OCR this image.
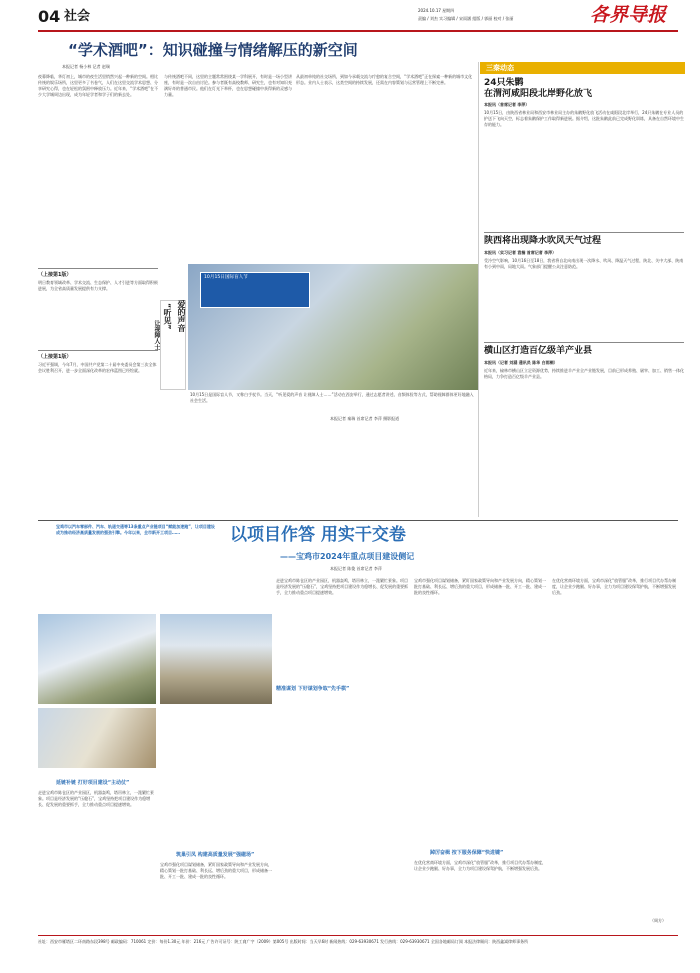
04 社会	2024.10.17 星期四
责编 / 刘杰 实习编辑 / 宋雨涵 组版 / 郭丽 校对 / 张丽	各界导报
“学术酒吧”：知识碰撞与情绪解压的新空间
本报记者 杨小林 记者 赵瑞
夜幕降临，华灯初上，城市的夜生活里悄然兴起一种新的空间。相比传统的娱乐场所，这里更多了书卷气，人们在这里交流学术思想、分享研究心得，也在轻松的氛围中释放压力。近年来，“学术酒吧”在不少大学城周边出现，成为年轻学者和学子们的新去处。
与传统酒吧不同，这里的主题常常围绕某一学科展开，有时是一场小型讲座，有时是一次自由讨论。参与者既有高校教师、研究生，也有对知识充满好奇的普通市民。他们在灯光下举杯，也在思想碰撞中获得新的灵感与力量。
从最初单纯的社交场所，到如今承载交流与疗愈的复合空间，“学术酒吧”正在探索一种新的城市文化形态。业内人士表示，这类空间的持续发展，还需在内容策划与运营管理上不断完善。
10月15日国际盲人节
“听见” 爱的声音
让视障人士
10月15日是国际盲人节，又称白手杖节。当天，“听见爱的声音 让视障人士……”活动在西安举行，通过志愿者讲述、音频体验等方式，帮助视障群体更好地融入社会生活。
本报记者 秦瑞 首席记者 李萍 摄影报道
（上接第1版）
明日教育领域改革、学术交流、生态保护、人才引进等方面取得积极进展，为全省高质量发展提供有力支撑。
（上接第1版）
习近平强调，今年7月，中国共产党第二十届中央委员会第三次全体会议胜利召开，进一步全面深化改革的宏伟蓝图已经绘就。
三秦动态
24只朱鹮
在渭河咸阳段北岸野化放飞
本报讯（首席记者 李萍）
10月15日，由陕西省林业局和西安市林业局主办的朱鹮野化放飞活动在咸阳段北岸举行，24只朱鹮在专业人员的护送下飞向天空，标志着朱鹮保护工作取得新进展。据介绍，这批朱鹮此前已完成野化训练，具备在自然环境中生存的能力。
陕西将出现降水吹风天气过程
本报讯（实习记者 袁楠 首席记者 李萍）
受冷空气影响，10月16日至18日，我省将自北向南出现一次降水、吹风、降温天气过程，陕北、关中大部、陕南有小到中雨，局地大雨。气象部门提醒公众注意防范。
横山区打造百亿级羊产业县
本报讯（记者 刘涵 通讯员 陈华 白雨桐）
近年来，榆林市横山区立足资源优势，持续推进羊产业全产业链发展，目前已形成养殖、屠宰、加工、销售一体化格局，力争打造百亿级羊产业县。
宝鸡市以汽车零部件、汽车、轨道交通等13条重点产业链项目“赋能加速跑”，让项目建设成为推动经济高质量发展的强劲引擎。今年以来，全市新开工项目……	以项目作答 用实干交卷
——宝鸡市2024年重点项目建设侧记
本报记者 陈俊 首席记者 李萍
走进宝鸡市陈仓区的产业园区，机器轰鸣，塔吊林立，一派繁忙景象。项目是经济发展的“压舱石”，宝鸡坚持把项目建设作为稳增长、促发展的重要抓手，全力推动重点项目提速增效。
精准谋划 下好谋划争取“先手棋”
宝鸡市强化项目谋划储备，紧盯国家政策导向和产业发展方向，精心策划一批打基础、利长远、增后劲的重大项目，形成储备一批、开工一批、建成一批的良性循环。
在优化营商环境方面，宝鸡市深化“放管服”改革，推行项目代办帮办制度，让企业少跑腿、好办事，全力为项目建设保驾护航，不断增强发展后劲。
延链补链 打好项目建设“主动仗”
走进宝鸡市陈仓区的产业园区，机器轰鸣，塔吊林立，一派繁忙景象。项目是经济发展的“压舱石”，宝鸡坚持把项目建设作为稳增长、促发展的重要抓手，全力推动重点项目提速增效。
筑巢引凤 构建高质量发展“强磁场”
宝鸡市强化项目谋划储备，紧盯国家政策导向和产业发展方向，精心策划一批打基础、利长远、增后劲的重大项目，形成储备一批、开工一批、建成一批的良性循环。
踔厉奋楫 按下服务保障“快进键”
在优化营商环境方面，宝鸡市深化“放管服”改革，推行项目代办帮办制度，让企业少跑腿、好办事，全力为项目建设保驾护航，不断增强发展后劲。
（周方）
社址：西安市雁塔区二环南路东段398号 邮政编码：710061 定价：每份1.30元 年价：216元 广告许可证号：陕工商广字（2009）第005号 出版时间：当天早6时 新闻热线：029-63930671 发行热线：029-63930671 全国各地邮局订阅 本报法律顾问：陕西鑫嵩律师事务所
